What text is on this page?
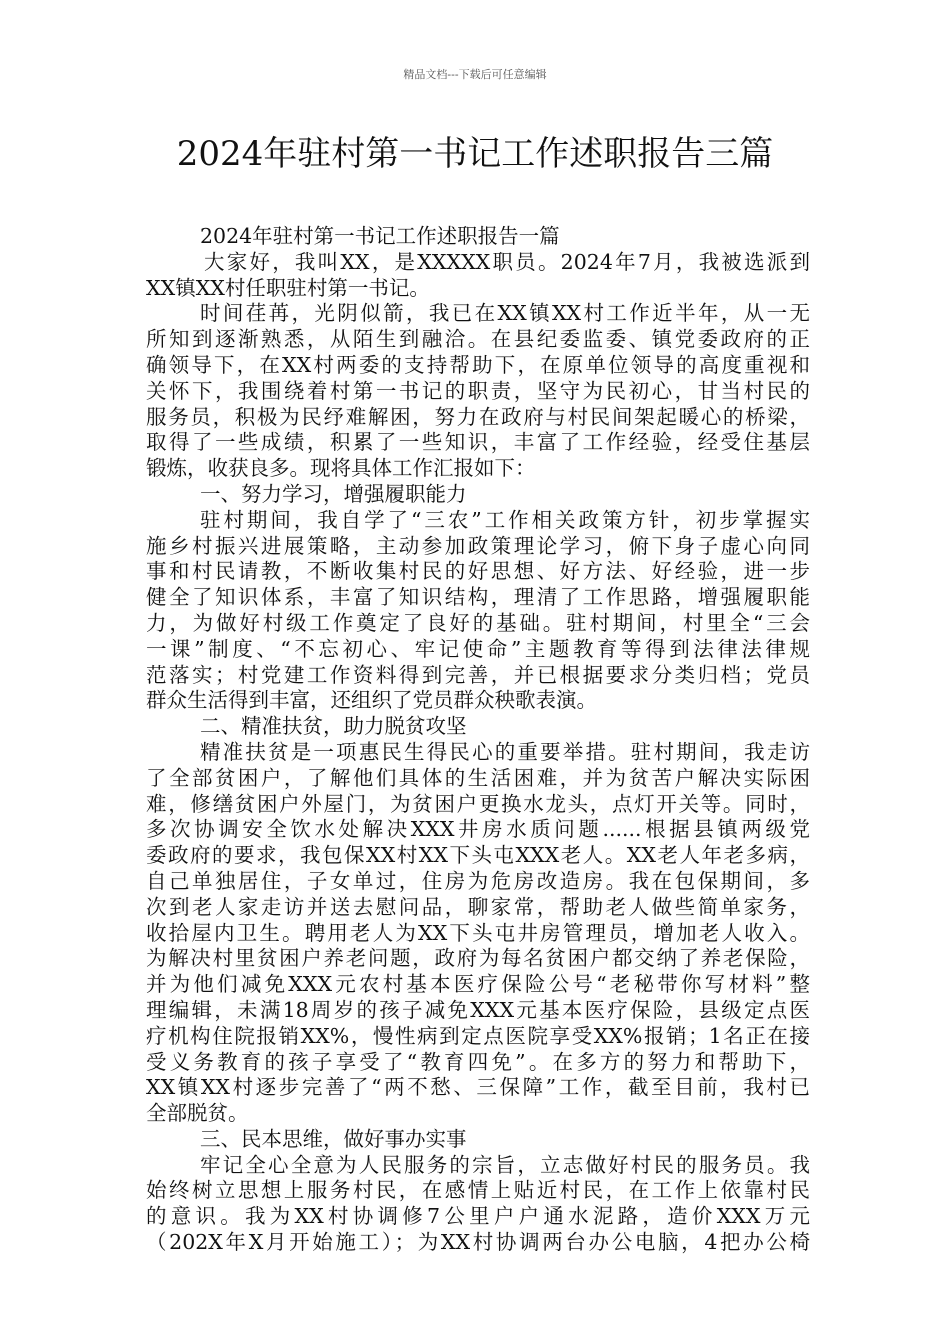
精品文档---下载后可任意编辑
2024年驻村第一书记工作述职报告三篇
2024年驻村第一书记工作述职报告一篇
大家好，我叫XX，是XXXXX职员。2024年7月，我被选派到
XX镇XX村任职驻村第一书记。
时间荏苒，光阴似箭，我已在XX镇XX村工作近半年，从一无
所知到逐渐熟悉，从陌生到融洽。在县纪委监委、镇党委政府的正
确领导下，在XX村两委的支持帮助下，在原单位领导的高度重视和
关怀下，我围绕着村第一书记的职责，坚守为民初心，甘当村民的
服务员，积极为民纾难解困，努力在政府与村民间架起暖心的桥梁，
取得了一些成绩，积累了一些知识，丰富了工作经验，经受住基层
锻炼，收获良多。现将具体工作汇报如下：
一、努力学习，增强履职能力
驻村期间，我自学了“三农”工作相关政策方针，初步掌握实
施乡村振兴进展策略，主动参加政策理论学习，俯下身子虚心向同
事和村民请教，不断收集村民的好思想、好方法、好经验，进一步
健全了知识体系，丰富了知识结构，理清了工作思路，增强履职能
力，为做好村级工作奠定了良好的基础。驻村期间，村里全“三会
一课”制度、“不忘初心、牢记使命”主题教育等得到法律法律规
范落实；村党建工作资料得到完善，并已根据要求分类归档；党员
群众生活得到丰富，还组织了党员群众秧歌表演。
二、精准扶贫，助力脱贫攻坚
精准扶贫是一项惠民生得民心的重要举措。驻村期间，我走访
了全部贫困户，了解他们具体的生活困难，并为贫苦户解决实际困
难，修缮贫困户外屋门，为贫困户更换水龙头，点灯开关等。同时，
多次协调安全饮水处解决XXX井房水质问题......根据县镇两级党
委政府的要求，我包保XX村XX下头屯XXX老人。XX老人年老多病，
自己单独居住，子女单过，住房为危房改造房。我在包保期间，多
次到老人家走访并送去慰问品，聊家常，帮助老人做些简单家务，
收拾屋内卫生。聘用老人为XX下头屯井房管理员，增加老人收入。
为解决村里贫困户养老问题，政府为每名贫困户都交纳了养老保险，
并为他们减免XXX元农村基本医疗保险公号“老秘带你写材料”整
理编辑，未满18周岁的孩子减免XXX元基本医疗保险，县级定点医
疗机构住院报销XX%，慢性病到定点医院享受XX%报销；1名正在接
受义务教育的孩子享受了“教育四免”。在多方的努力和帮助下，
XX镇XX村逐步完善了“两不愁、三保障”工作，截至目前，我村已
全部脱贫。
三、民本思维，做好事办实事
牢记全心全意为人民服务的宗旨，立志做好村民的服务员。我
始终树立思想上服务村民，在感情上贴近村民，在工作上依靠村民
的意识。我为XX村协调修7公里户户通水泥路，造价XXX万元
（202X年X月开始施工）；为XX村协调两台办公电脑，4把办公椅
